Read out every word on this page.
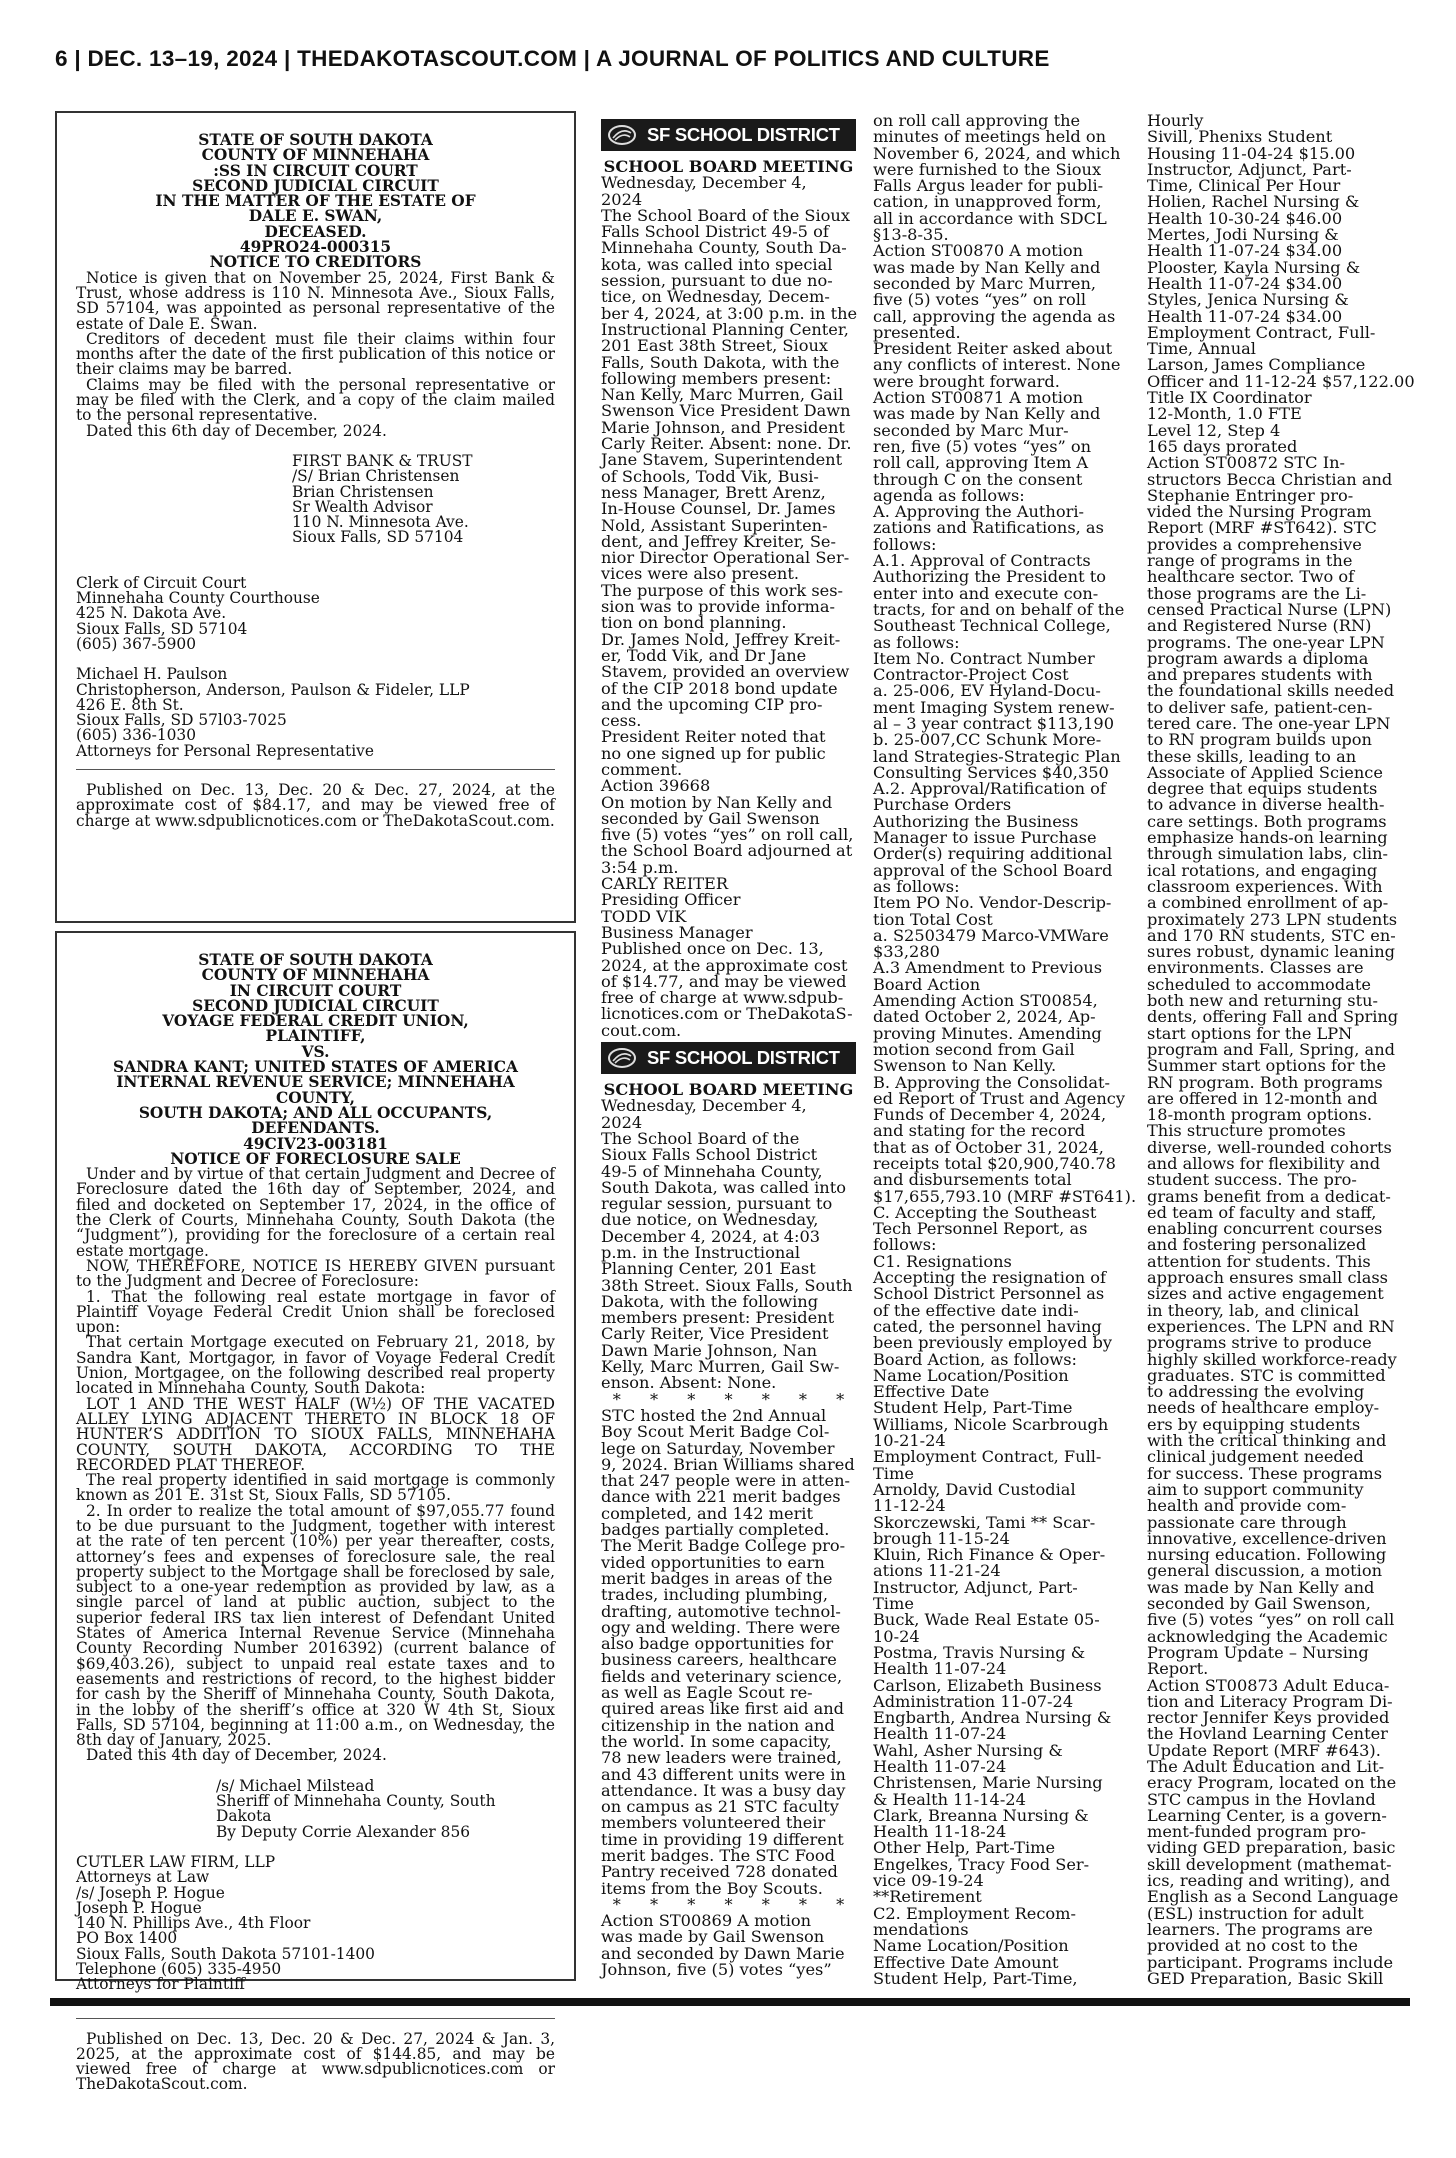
6 | DEC. 13–19, 2024 | THEDAKOTASCOUT.COM | A JOURNAL OF POLITICS AND CULTURE
STATE OF SOUTH DAKOTA
COUNTY OF MINNEHAHA
:SS IN CIRCUIT COURT
SECOND JUDICIAL CIRCUIT
IN THE MATTER OF THE ESTATE OF
DALE E. SWAN,
DECEASED.
49PRO24-000315
NOTICE TO CREDITORS
Notice is given that on November 25, 2024, First Bank & Trust, whose address is 110 N. Minnesota Ave., Sioux Falls, SD 57104, was appointed as personal representative of the estate of Dale E. Swan.
Creditors of decedent must file their claims within four months after the date of the first publication of this notice or their claims may be barred.
Claims may be filed with the personal representative or may be filed with the Clerk, and a copy of the claim mailed to the personal representative.
Dated this 6th day of December, 2024.
FIRST BANK & TRUST
/S/ Brian Christensen
Brian Christensen
Sr Wealth Advisor
110 N. Minnesota Ave.
Sioux Falls, SD 57104
Clerk of Circuit Court
Minnehaha County Courthouse
425 N. Dakota Ave.
Sioux Falls, SD 57104
(605) 367-5900
Michael H. Paulson
Christopherson, Anderson, Paulson & Fideler, LLP
426 E. 8th St.
Sioux Falls, SD 57l03-7025
(605) 336-1030
Attorneys for Personal Representative
Published on Dec. 13, Dec. 20 & Dec. 27, 2024, at the approximate cost of $84.17, and may be viewed free of charge at www.sdpublicnotices.com or TheDakotaScout.com.
STATE OF SOUTH DAKOTA
COUNTY OF MINNEHAHA
IN CIRCUIT COURT
SECOND JUDICIAL CIRCUIT
VOYAGE FEDERAL CREDIT UNION,
PLAINTIFF,
VS.
SANDRA KANT; UNITED STATES OF AMERICA
INTERNAL REVENUE SERVICE; MINNEHAHA COUNTY,
SOUTH DAKOTA; AND ALL OCCUPANTS,
DEFENDANTS.
49CIV23-003181
NOTICE OF FORECLOSURE SALE
Under and by virtue of that certain Judgment and Decree of Foreclosure dated the 16th day of September, 2024, and filed and docketed on September 17, 2024, in the office of the Clerk of Courts, Minnehaha County, South Dakota (the “Judgment”), providing for the foreclosure of a certain real estate mortgage.
NOW, THEREFORE, NOTICE IS HEREBY GIVEN pursuant to the Judgment and Decree of Foreclosure:
1. That the following real estate mortgage in favor of Plaintiff Voyage Federal Credit Union shall be foreclosed upon:
That certain Mortgage executed on February 21, 2018, by Sandra Kant, Mortgagor, in favor of Voyage Federal Credit Union, Mortgagee, on the following described real property located in Minnehaha County, South Dakota:
LOT 1 AND THE WEST HALF (W½) OF THE VACATED ALLEY LYING ADJACENT THERETO IN BLOCK 18 OF HUNTER’S ADDITION TO SIOUX FALLS, MINNEHAHA COUNTY, SOUTH DAKOTA, ACCORDING TO THE RECORDED PLAT THEREOF.
The real property identified in said mortgage is commonly known as 201 E. 31st St, Sioux Falls, SD 57105.
2. In order to realize the total amount of $97,055.77 found to be due pursuant to the Judgment, together with interest at the rate of ten percent (10%) per year thereafter, costs, attorney’s fees and expenses of foreclosure sale, the real property subject to the Mortgage shall be foreclosed by sale, subject to a one-year redemption as provided by law, as a single parcel of land at public auction, subject to the superior federal IRS tax lien interest of Defendant United States of America Internal Revenue Service (Minnehaha County Recording Number 2016392) (current balance of $69,403.26), subject to unpaid real estate taxes and to easements and restrictions of record, to the highest bidder for cash by the Sheriff of Minnehaha County, South Dakota, in the lobby of the sheriff’s office at 320 W 4th St, Sioux Falls, SD 57104, beginning at 11:00 a.m., on Wednesday, the 8th day of January, 2025.
Dated this 4th day of December, 2024.
/s/ Michael Milstead
Sheriff of Minnehaha County, South Dakota
By Deputy Corrie Alexander 856
CUTLER LAW FIRM, LLP
Attorneys at Law
/s/ Joseph P. Hogue
Joseph P. Hogue
140 N. Phillips Ave., 4th Floor
PO Box 1400
Sioux Falls, South Dakota 57101-1400
Telephone (605) 335-4950
Attorneys for Plaintiff
Published on Dec. 13, Dec. 20 & Dec. 27, 2024 & Jan. 3, 2025, at the approximate cost of $144.85, and may be viewed free of charge at www.sdpublicnotices.com or TheDakotaScout.com.
SF SCHOOL DISTRICT
SCHOOL BOARD MEETING
Wednesday, December 4,
2024
The School Board of the Sioux
Falls School District 49-5 of
Minnehaha County, South Da-
kota, was called into special
session, pursuant to due no-
tice, on Wednesday, Decem-
ber 4, 2024, at 3:00 p.m. in the
Instructional Planning Center,
201 East 38th Street, Sioux
Falls, South Dakota, with the
following members present:
Nan Kelly, Marc Murren, Gail
Swenson Vice President Dawn
Marie Johnson, and President
Carly Reiter. Absent: none. Dr.
Jane Stavem, Superintendent
of Schools, Todd Vik, Busi-
ness Manager, Brett Arenz,
In-House Counsel, Dr. James
Nold, Assistant Superinten-
dent, and Jeffrey Kreiter, Se-
nior Director Operational Ser-
vices were also present.
The purpose of this work ses-
sion was to provide informa-
tion on bond planning.
Dr. James Nold, Jeffrey Kreit-
er, Todd Vik, and Dr Jane
Stavem, provided an overview
of the CIP 2018 bond update
and the upcoming CIP pro-
cess.
President Reiter noted that
no one signed up for public
comment.
Action 39668
On motion by Nan Kelly and
seconded by Gail Swenson
five (5) votes “yes” on roll call,
the School Board adjourned at
3:54 p.m.
CARLY REITER
Presiding Officer
TODD VIK
Business Manager
Published once on Dec. 13,
2024, at the approximate cost
of $14.77, and may be viewed
free of charge at www.sdpub-
licnotices.com or TheDakotaS-
cout.com.
SF SCHOOL DISTRICT
SCHOOL BOARD MEETING
Wednesday, December 4,
2024
The School Board of the
Sioux Falls School District
49-5 of Minnehaha County,
South Dakota, was called into
regular session, pursuant to
due notice, on Wednesday,
December 4, 2024, at 4:03
p.m. in the Instructional
Planning Center, 201 East
38th Street. Sioux Falls, South
Dakota, with the following
members present: President
Carly Reiter, Vice President
Dawn Marie Johnson, Nan
Kelly, Marc Murren, Gail Sw-
enson. Absent: None.
* * * * * * *
STC hosted the 2nd Annual
Boy Scout Merit Badge Col-
lege on Saturday, November
9, 2024. Brian Williams shared
that 247 people were in atten-
dance with 221 merit badges
completed, and 142 merit
badges partially completed.
The Merit Badge College pro-
vided opportunities to earn
merit badges in areas of the
trades, including plumbing,
drafting, automotive technol-
ogy and welding. There were
also badge opportunities for
business careers, healthcare
fields and veterinary science,
as well as Eagle Scout re-
quired areas like first aid and
citizenship in the nation and
the world. In some capacity,
78 new leaders were trained,
and 43 different units were in
attendance. It was a busy day
on campus as 21 STC faculty
members volunteered their
time in providing 19 different
merit badges. The STC Food
Pantry received 728 donated
items from the Boy Scouts.
* * * * * * *
Action ST00869 A motion
was made by Gail Swenson
and seconded by Dawn Marie
Johnson, five (5) votes “yes”
on roll call approving the
minutes of meetings held on
November 6, 2024, and which
were furnished to the Sioux
Falls Argus leader for publi-
cation, in unapproved form,
all in accordance with SDCL
§13-8-35.
Action ST00870 A motion
was made by Nan Kelly and
seconded by Marc Murren,
five (5) votes “yes” on roll
call, approving the agenda as
presented.
President Reiter asked about
any conflicts of interest. None
were brought forward.
Action ST00871 A motion
was made by Nan Kelly and
seconded by Marc Mur-
ren, five (5) votes “yes” on
roll call, approving Item A
through C on the consent
agenda as follows:
A. Approving the Authori-
zations and Ratifications, as
follows:
A.1. Approval of Contracts
Authorizing the President to
enter into and execute con-
tracts, for and on behalf of the
Southeast Technical College,
as follows:
Item No. Contract Number
Contractor-Project Cost
a. 25-006, EV Hyland-Docu-
ment Imaging System renew-
al – 3 year contract $113,190
b. 25-007,CC Schunk More-
land Strategies-Strategic Plan
Consulting Services $40,350
A.2. Approval/Ratification of
Purchase Orders
Authorizing the Business
Manager to issue Purchase
Order(s) requiring additional
approval of the School Board
as follows:
Item PO No. Vendor-Descrip-
tion Total Cost
a. S2503479 Marco-VMWare
$33,280
A.3 Amendment to Previous
Board Action
Amending Action ST00854,
dated October 2, 2024, Ap-
proving Minutes. Amending
motion second from Gail
Swenson to Nan Kelly.
B. Approving the Consolidat-
ed Report of Trust and Agency
Funds of December 4, 2024,
and stating for the record
that as of October 31, 2024,
receipts total $20,900,740.78
and disbursements total
$17,655,793.10 (MRF #ST641).
C. Accepting the Southeast
Tech Personnel Report, as
follows:
C1. Resignations
Accepting the resignation of
School District Personnel as
of the effective date indi-
cated, the personnel having
been previously employed by
Board Action, as follows:
Name Location/Position
Effective Date
Student Help, Part-Time
Williams, Nicole Scarbrough
10-21-24
Employment Contract, Full-
Time
Arnoldy, David Custodial
11-12-24
Skorczewski, Tami ** Scar-
brough 11-15-24
Kluin, Rich Finance & Oper-
ations 11-21-24
Instructor, Adjunct, Part-
Time
Buck, Wade Real Estate 05-
10-24
Postma, Travis Nursing &
Health 11-07-24
Carlson, Elizabeth Business
Administration 11-07-24
Engbarth, Andrea Nursing &
Health 11-07-24
Wahl, Asher Nursing &
Health 11-07-24
Christensen, Marie Nursing
& Health 11-14-24
Clark, Breanna Nursing &
Health 11-18-24
Other Help, Part-Time
Engelkes, Tracy Food Ser-
vice 09-19-24
**Retirement
C2. Employment Recom-
mendations
Name Location/Position
Effective Date Amount
Student Help, Part-Time,
Hourly
Sivill, Phenixs Student
Housing 11-04-24 $15.00
Instructor, Adjunct, Part-
Time, Clinical Per Hour
Holien, Rachel Nursing &
Health 10-30-24 $46.00
Mertes, Jodi Nursing &
Health 11-07-24 $34.00
Plooster, Kayla Nursing &
Health 11-07-24 $34.00
Styles, Jenica Nursing &
Health 11-07-24 $34.00
Employment Contract, Full-
Time, Annual
Larson, James Compliance
Officer and 11-12-24 $57,122.00
Title IX Coordinator
12-Month, 1.0 FTE
Level 12, Step 4
165 days prorated
Action ST00872 STC In-
structors Becca Christian and
Stephanie Entringer pro-
vided the Nursing Program
Report (MRF #ST642). STC
provides a comprehensive
range of programs in the
healthcare sector. Two of
those programs are the Li-
censed Practical Nurse (LPN)
and Registered Nurse (RN)
programs. The one-year LPN
program awards a diploma
and prepares students with
the foundational skills needed
to deliver safe, patient-cen-
tered care. The one-year LPN
to RN program builds upon
these skills, leading to an
Associate of Applied Science
degree that equips students
to advance in diverse health-
care settings. Both programs
emphasize hands-on learning
through simulation labs, clin-
ical rotations, and engaging
classroom experiences. With
a combined enrollment of ap-
proximately 273 LPN students
and 170 RN students, STC en-
sures robust, dynamic leaning
environments. Classes are
scheduled to accommodate
both new and returning stu-
dents, offering Fall and Spring
start options for the LPN
program and Fall, Spring, and
Summer start options for the
RN program. Both programs
are offered in 12-month and
18-month program options.
This structure promotes
diverse, well-rounded cohorts
and allows for flexibility and
student success. The pro-
grams benefit from a dedicat-
ed team of faculty and staff,
enabling concurrent courses
and fostering personalized
attention for students. This
approach ensures small class
sizes and active engagement
in theory, lab, and clinical
experiences. The LPN and RN
programs strive to produce
highly skilled workforce-ready
graduates. STC is committed
to addressing the evolving
needs of healthcare employ-
ers by equipping students
with the critical thinking and
clinical judgement needed
for success. These programs
aim to support community
health and provide com-
passionate care through
innovative, excellence-driven
nursing education. Following
general discussion, a motion
was made by Nan Kelly and
seconded by Gail Swenson,
five (5) votes “yes” on roll call
acknowledging the Academic
Program Update – Nursing
Report.
Action ST00873 Adult Educa-
tion and Literacy Program Di-
rector Jennifer Keys provided
the Hovland Learning Center
Update Report (MRF #643).
The Adult Education and Lit-
eracy Program, located on the
STC campus in the Hovland
Learning Center, is a govern-
ment-funded program pro-
viding GED preparation, basic
skill development (mathemat-
ics, reading and writing), and
English as a Second Language
(ESL) instruction for adult
learners. The programs are
provided at no cost to the
participant. Programs include
GED Preparation, Basic Skill
